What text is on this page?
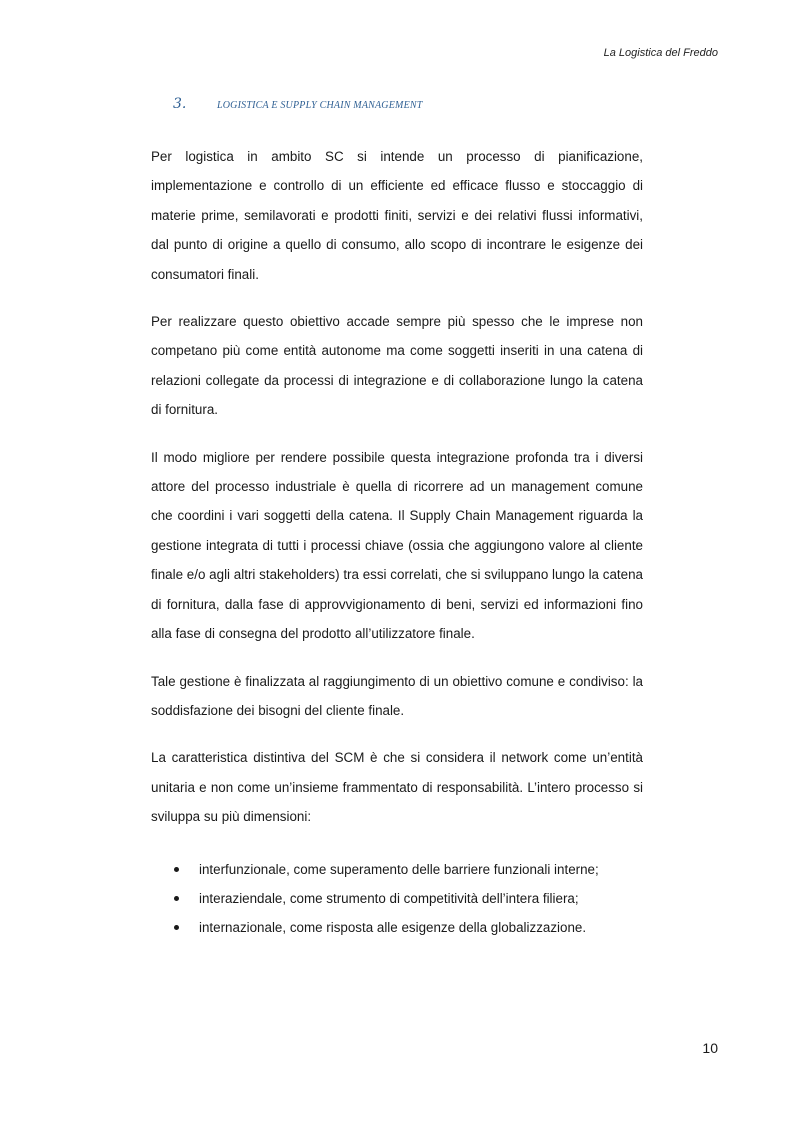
La Logistica del Freddo
3.	LOGISTICA E SUPPLY CHAIN MANAGEMENT

Per logistica in ambito SC si intende un processo di pianificazione, implementazione e controllo di un efficiente ed efficace flusso e stoccaggio di materie prime, semilavorati e prodotti finiti, servizi e dei relativi flussi informativi, dal punto di origine a quello di consumo, allo scopo di incontrare le esigenze dei consumatori finali.

Per realizzare questo obiettivo accade sempre più spesso che le imprese non competano più come entità autonome ma come soggetti inseriti in una catena di relazioni collegate da processi di integrazione e di collaborazione lungo la catena di fornitura.

Il modo migliore per rendere possibile questa integrazione profonda tra i diversi attore del processo industriale è quella di ricorrere ad un management comune che coordini i vari soggetti della catena. Il Supply Chain Management riguarda la gestione integrata di tutti i processi chiave (ossia che aggiungono valore al cliente finale e/o agli altri stakeholders) tra essi correlati, che si sviluppano lungo la catena di fornitura, dalla fase di approvvigionamento di beni, servizi ed informazioni fino alla fase di consegna del prodotto all’utilizzatore finale.

Tale gestione è finalizzata al raggiungimento di un obiettivo comune e condiviso: la soddisfazione dei bisogni del cliente finale.

La caratteristica distintiva del SCM è che si considera il network come un’entità unitaria e non come un’insieme frammentato di responsabilità. L’intero processo si sviluppa su più dimensioni:

interfunzionale, come superamento delle barriere funzionali interne;
interaziendale, come strumento di competitività dell’intera filiera;
internazionale, come risposta alle esigenze della globalizzazione.
10
